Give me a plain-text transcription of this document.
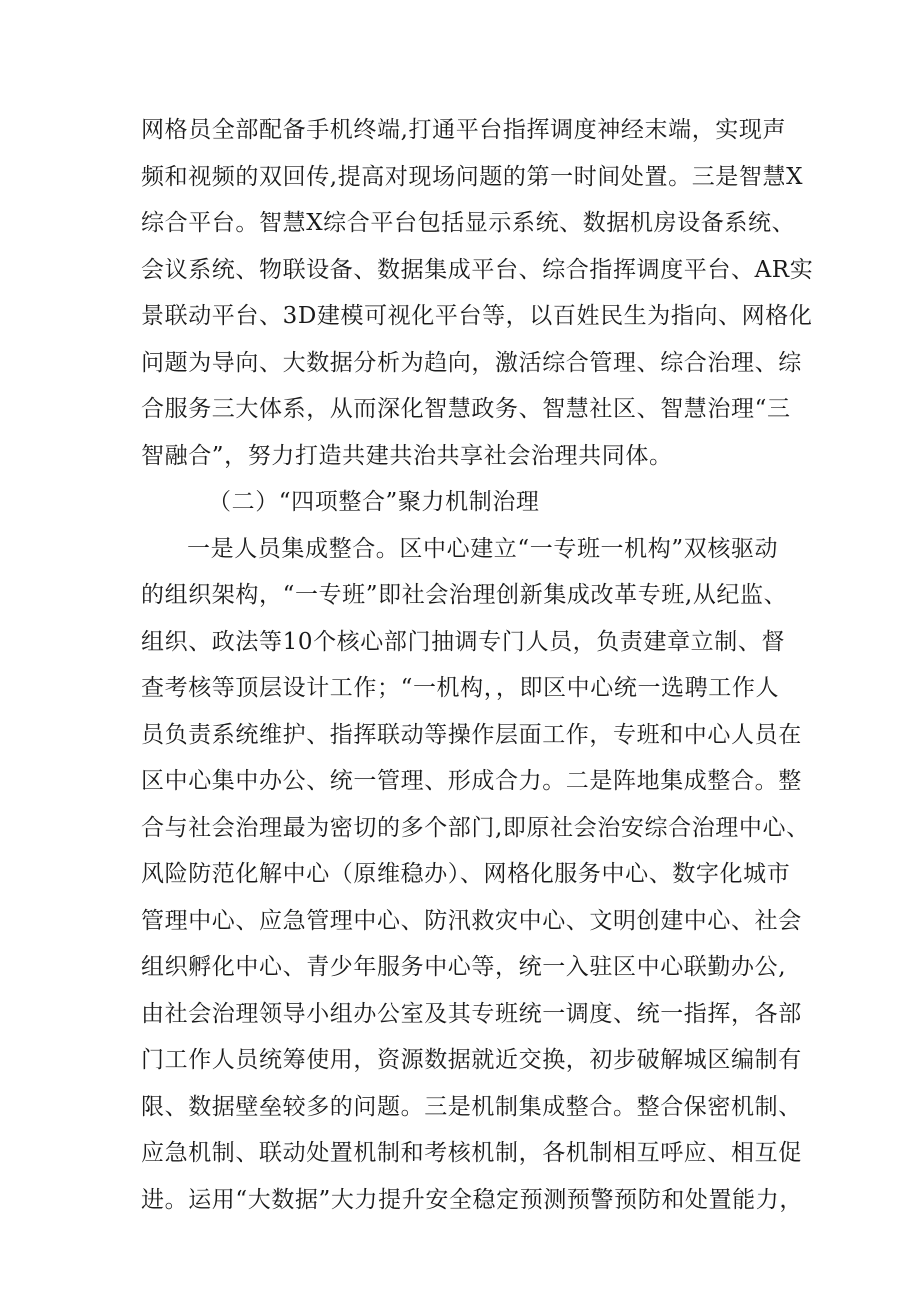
网格员全部配备手机终端,打通平台指挥调度神经末端，实现声
频和视频的双回传,提高对现场问题的第一时间处置。三是智慧X
综合平台。智慧X综合平台包括显示系统、数据机房设备系统、
会议系统、物联设备、数据集成平台、综合指挥调度平台、AR实
景联动平台、3D建模可视化平台等，以百姓民生为指向、网格化
问题为导向、大数据分析为趋向，激活综合管理、综合治理、综
合服务三大体系，从而深化智慧政务、智慧社区、智慧治理“三
智融合”，努力打造共建共治共享社会治理共同体。
（二）“四项整合”聚力机制治理
一是人员集成整合。区中心建立“一专班一机构”双核驱动
的组织架构，“一专班”即社会治理创新集成改革专班,从纪监、
组织、政法等10个核心部门抽调专门人员，负责建章立制、督
查考核等顶层设计工作；“一机构，，即区中心统一选聘工作人
员负责系统维护、指挥联动等操作层面工作，专班和中心人员在
区中心集中办公、统一管理、形成合力。二是阵地集成整合。整
合与社会治理最为密切的多个部门,即原社会治安综合治理中心、
风险防范化解中心（原维稳办）、网格化服务中心、数字化城市
管理中心、应急管理中心、防汛救灾中心、文明创建中心、社会
组织孵化中心、青少年服务中心等，统一入驻区中心联勤办公,
由社会治理领导小组办公室及其专班统一调度、统一指挥，各部
门工作人员统筹使用，资源数据就近交换，初步破解城区编制有
限、数据壁垒较多的问题。三是机制集成整合。整合保密机制、
应急机制、联动处置机制和考核机制，各机制相互呼应、相互促
进。运用“大数据”大力提升安全稳定预测预警预防和处置能力，
